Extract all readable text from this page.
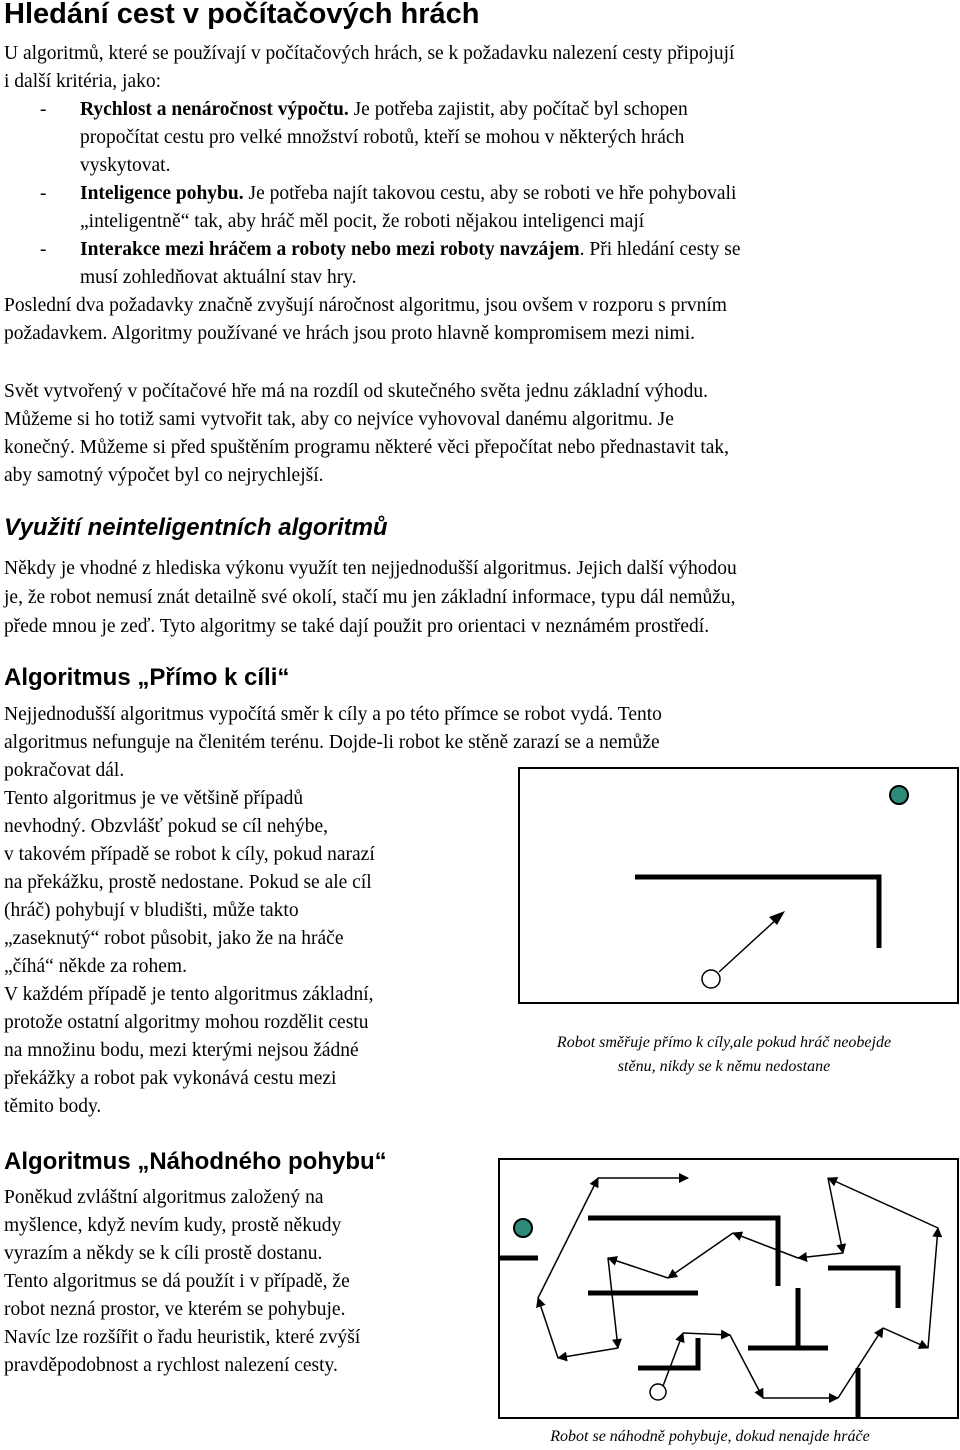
Hledání cest v počítačových hrách

U algoritmů, které se používají v počítačových hrách, se k požadavku nalezení cesty připojují

i další kritéria, jako:

- Rychlost a nenáročnost výpočtu. Je potřeba zajistit, aby počítač byl schopen

propočítat cestu pro velké množství robotů, kteří se mohou v některých hrách

vyskytovat.

- Inteligence pohybu. Je potřeba najít takovou cestu, aby se roboti ve hře pohybovali

„inteligentně“ tak, aby hráč měl pocit, že roboti nějakou inteligenci mají

- Interakce mezi hráčem a roboty nebo mezi roboty navzájem. Při hledání cesty se

musí zohledňovat aktuální stav hry.

Poslední dva požadavky značně zvyšují náročnost algoritmu, jsou ovšem v rozporu s prvním

požadavkem. Algoritmy používané ve hrách jsou proto hlavně kompromisem mezi nimi.

Svět vytvořený v počítačové hře má na rozdíl od skutečného světa jednu základní výhodu.

Můžeme si ho totiž sami vytvořit tak, aby co nejvíce vyhovoval danému algoritmu. Je

konečný. Můžeme si před spuštěním programu některé věci přepočítat nebo přednastavit tak,

aby samotný výpočet byl co nejrychlejší.

Využití neinteligentních algoritmů

Někdy je vhodné z hlediska výkonu využít ten nejjednodušší algoritmus. Jejich další výhodou

je, že robot nemusí znát detailně své okolí, stačí mu jen základní informace, typu dál nemůžu,

přede mnou je zeď. Tyto algoritmy se také dají použit pro orientaci v neznámém prostředí.

Algoritmus „Přímo k cíli“

Nejjednodušší algoritmus vypočítá směr k cíly a po této přímce se robot vydá. Tento

algoritmus nefunguje na členitém terénu. Dojde-li robot ke stěně zarazí se a nemůže

pokračovat dál.

Tento algoritmus je ve většině případů

nevhodný. Obzvlášť pokud se cíl nehýbe,

v takovém případě se robot k cíly, pokud narazí

na překážku, prostě nedostane. Pokud se ale cíl

(hráč) pohybují v bludišti, může takto

„zaseknutý“ robot působit, jako že na hráče

„číhá“ někde za rohem.

V každém případě je tento algoritmus základní,

protože ostatní algoritmy mohou rozdělit cestu

na množinu bodu, mezi kterými nejsou žádné

překážky a robot pak vykonává cestu mezi

těmito body.

Robot směřuje přímo k cíly,ale pokud hráč neobejde
stěnu, nikdy se k němu nedostane

Algoritmus „Náhodného pohybu“

Poněkud zvláštní algoritmus založený na

myšlence, když nevím kudy, prostě někudy

vyrazím a někdy se k cíli prostě dostanu.

Tento algoritmus se dá použít i v případě, že

robot nezná prostor, ve kterém se pohybuje.

Navíc lze rozšířit o řadu heuristik, které zvýší

pravděpodobnost a rychlost nalezení cesty.

Robot se náhodně pohybuje, dokud nenajde hráče
